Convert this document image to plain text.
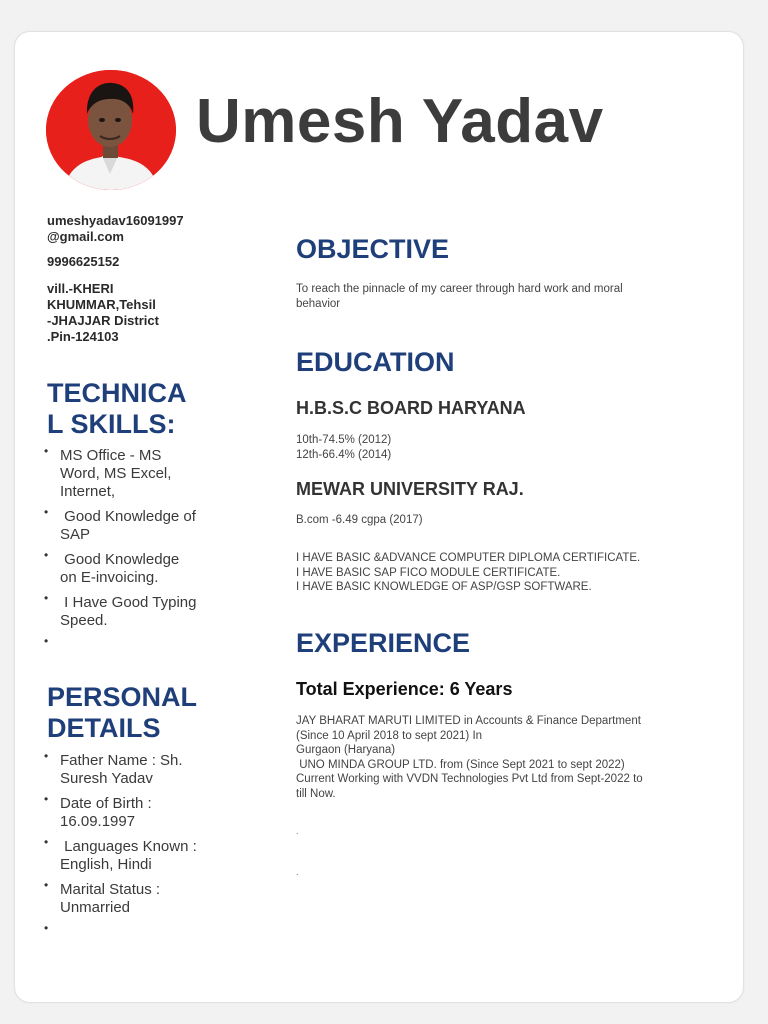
Umesh Yadav
umeshyadav16091997
@gmail.com
9996625152
vill.-KHERI
KHUMMAR,Tehsil
-JHAJJAR District
.Pin-124103
TECHNICA
L SKILLS:
• MS Office - MS
Word, MS Excel,
Internet,
• Good Knowledge of
SAP
• Good Knowledge
on E-invoicing.
• I Have Good Typing
Speed.
•
PERSONAL
DETAILS
• Father Name : Sh.
Suresh Yadav
• Date of Birth :
16.09.1997
• Languages Known :
English, Hindi
• Marital Status :
Unmarried
•
OBJECTIVE
To reach the pinnacle of my career through hard work and moral
behavior
EDUCATION
H.B.S.C BOARD HARYANA
10th-74.5% (2012)
12th-66.4% (2014)
MEWAR UNIVERSITY RAJ.
B.com -6.49 cgpa (2017)
I HAVE BASIC &ADVANCE COMPUTER DIPLOMA CERTIFICATE.
I HAVE BASIC SAP FICO MODULE CERTIFICATE.
I HAVE BASIC KNOWLEDGE OF ASP/GSP SOFTWARE.
EXPERIENCE
Total Experience: 6 Years
JAY BHARAT MARUTI LIMITED in Accounts & Finance Department
(Since 10 April 2018 to sept 2021) In
Gurgaon (Haryana)
UNO MINDA GROUP LTD. from (Since Sept 2021 to sept 2022)
Current Working with VVDN Technologies Pvt Ltd from Sept-2022 to
till Now.
.
.
